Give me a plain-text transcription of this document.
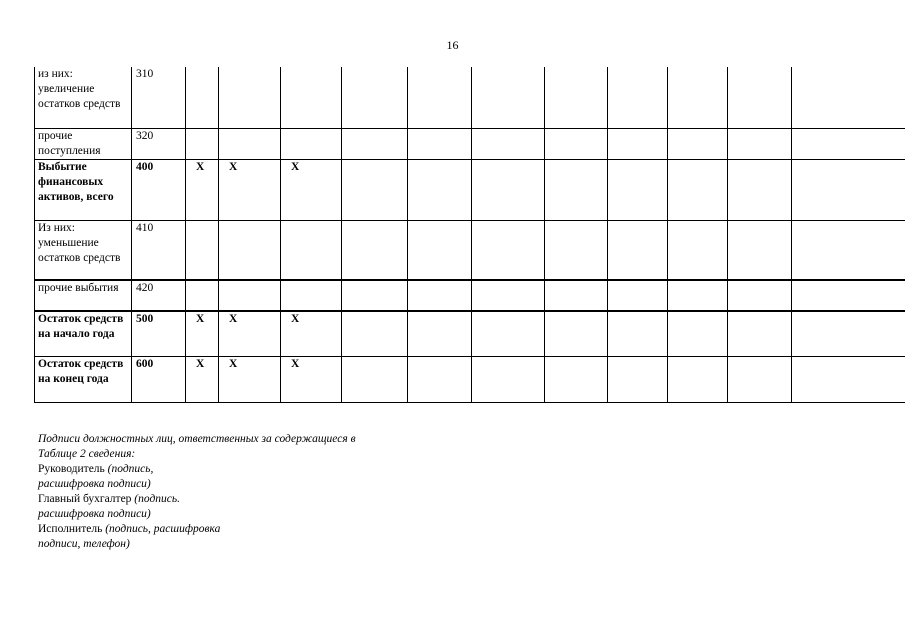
16
из них: увеличение остатков средств	310											
прочие поступления	320											
Выбытие финансовых активов, всего	400	Х	Х	Х								
Из них: уменьшение остатков средств	410											
прочие выбытия	420											
Остаток средств на начало года	500	Х	Х	Х								
Остаток средств на конец года	600	Х	Х	Х								
Подписи должностных лиц, ответственных за содержащиеся в
Таблице 2 сведения:
Руководитель (подпись,
расшифровка подписи)
Главный бухгалтер (подпись.
расшифровка подписи)
Исполнитель (подпись, расшифровка
подписи, телефон)
